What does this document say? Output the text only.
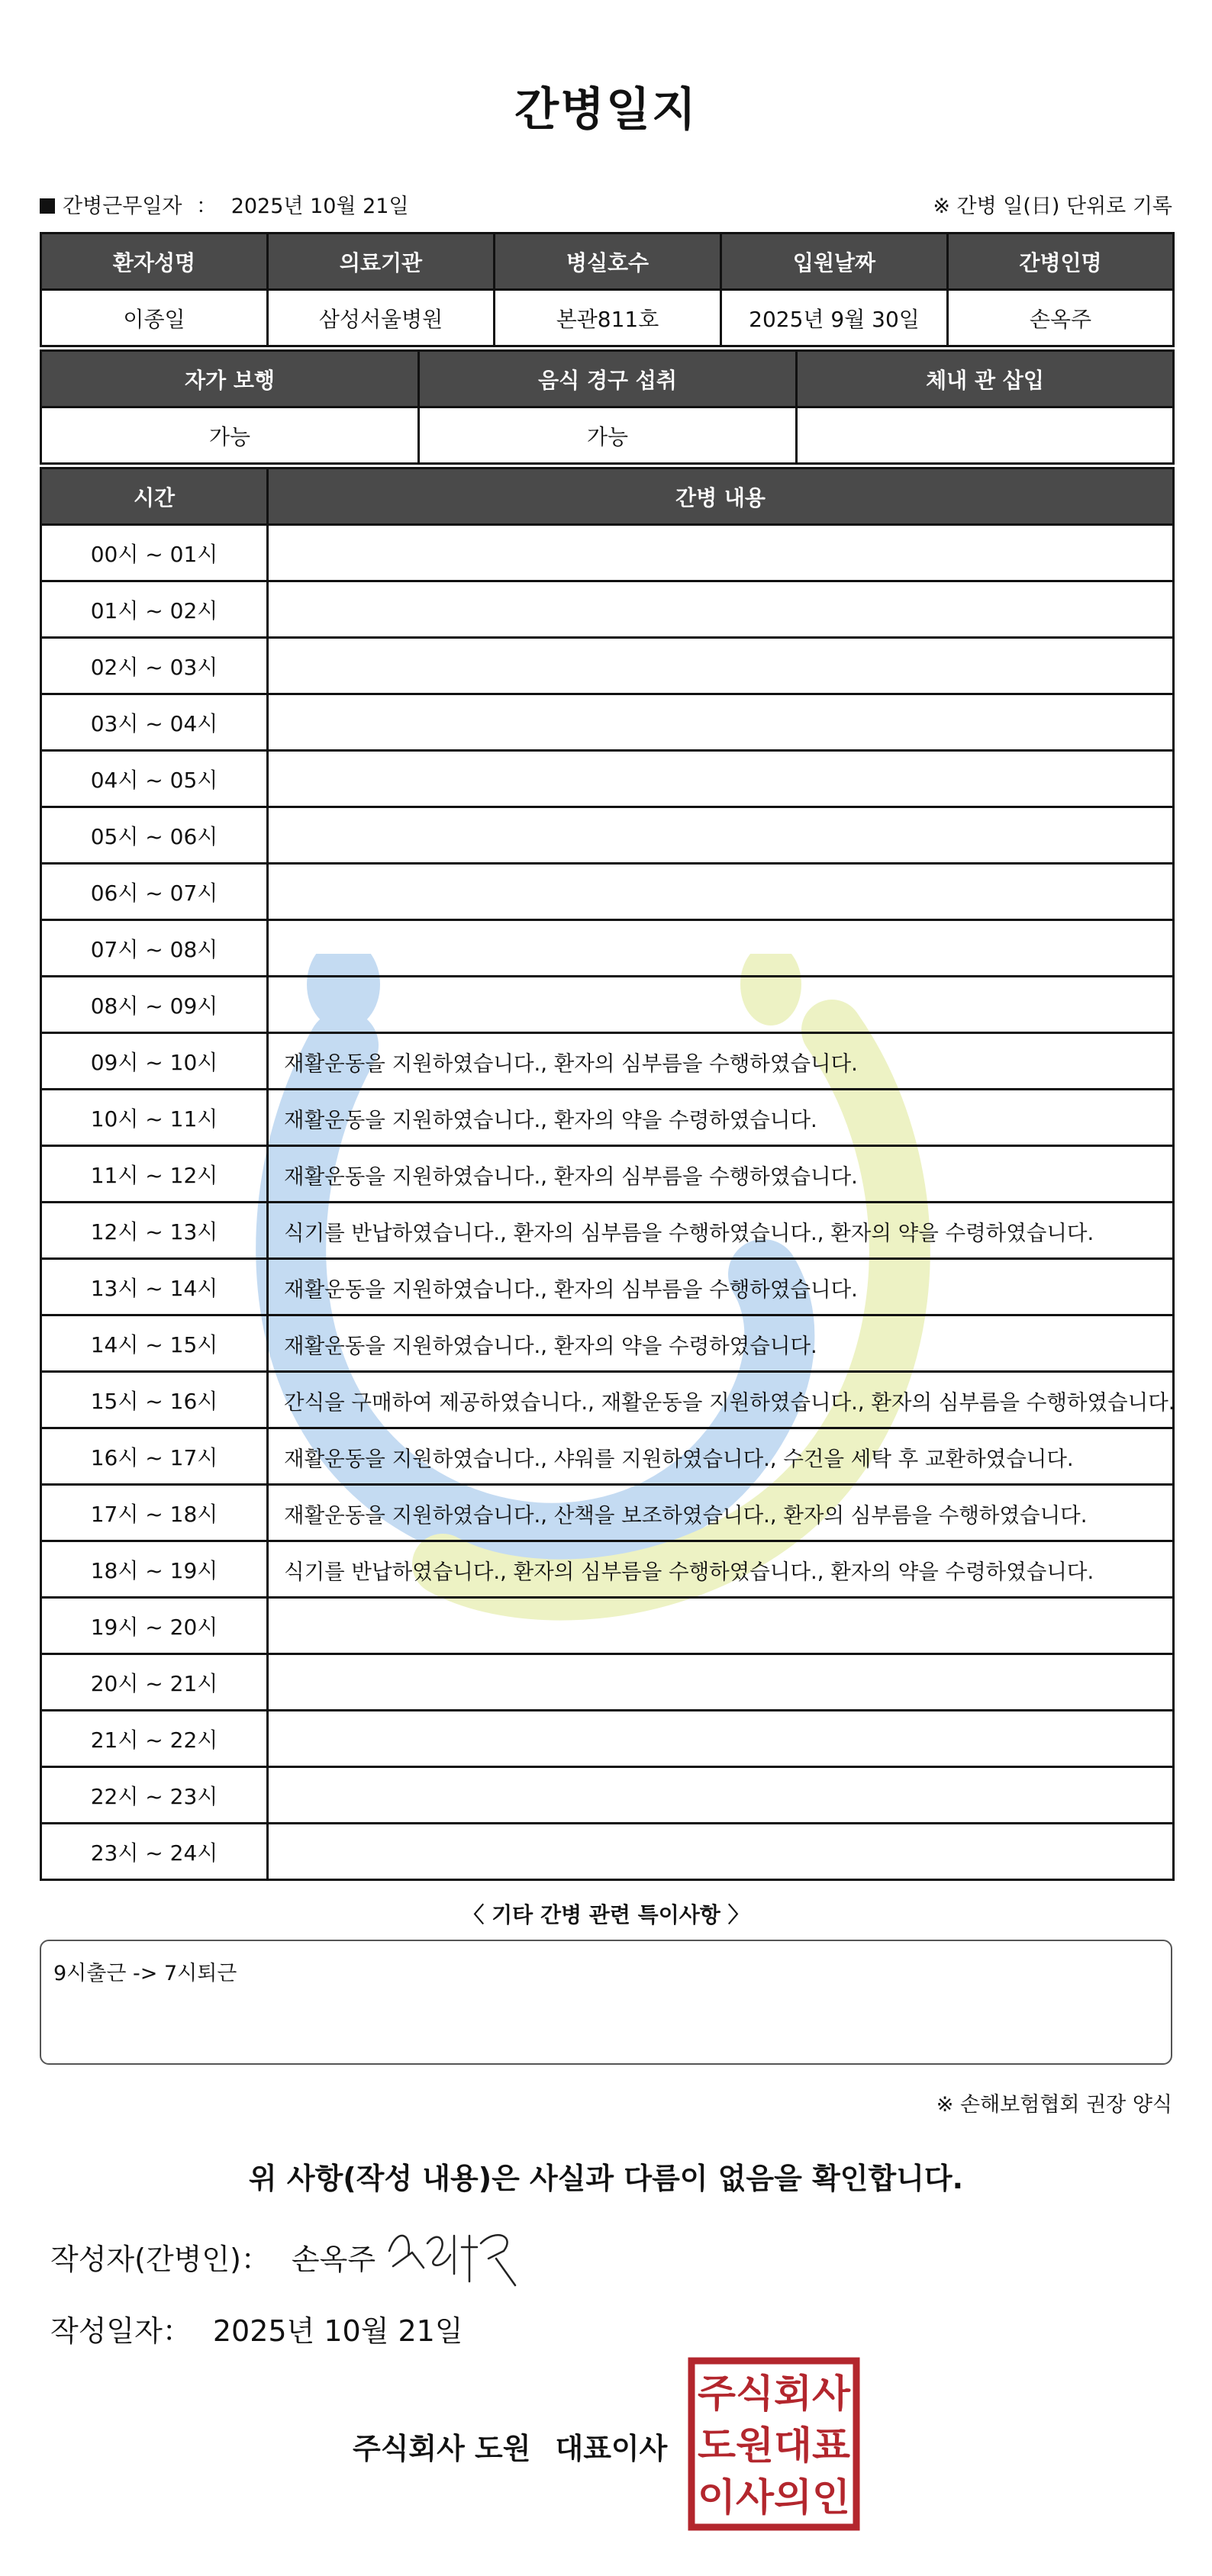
간병일지
간병근무일자 ： 2025년 10월 21일	※ 간병 일(日) 단위로 기록
환자성명	의료기관	병실호수	입원날짜	간병인명
이종일	삼성서울병원	본관811호	2025년 9월 30일	손옥주
자가 보행	음식 경구 섭취	체내 관 삽입
가능	가능	
시간	간병 내용
00시 ~ 01시	
01시 ~ 02시	
02시 ~ 03시	
03시 ~ 04시	
04시 ~ 05시	
05시 ~ 06시	
06시 ~ 07시	
07시 ~ 08시	
08시 ~ 09시	
09시 ~ 10시	재활운동을 지원하였습니다., 환자의 심부름을 수행하였습니다.
10시 ~ 11시	재활운동을 지원하였습니다., 환자의 약을 수령하였습니다.
11시 ~ 12시	재활운동을 지원하였습니다., 환자의 심부름을 수행하였습니다.
12시 ~ 13시	식기를 반납하였습니다., 환자의 심부름을 수행하였습니다., 환자의 약을 수령하였습니다.
13시 ~ 14시	재활운동을 지원하였습니다., 환자의 심부름을 수행하였습니다.
14시 ~ 15시	재활운동을 지원하였습니다., 환자의 약을 수령하였습니다.
15시 ~ 16시	간식을 구매하여 제공하였습니다., 재활운동을 지원하였습니다., 환자의 심부름을 수행하였습니다.
16시 ~ 17시	재활운동을 지원하였습니다., 샤워를 지원하였습니다., 수건을 세탁 후 교환하였습니다.
17시 ~ 18시	재활운동을 지원하였습니다., 산책을 보조하였습니다., 환자의 심부름을 수행하였습니다.
18시 ~ 19시	식기를 반납하였습니다., 환자의 심부름을 수행하였습니다., 환자의 약을 수령하였습니다.
19시 ~ 20시	
20시 ~ 21시	
21시 ~ 22시	
22시 ~ 23시	
23시 ~ 24시	
〈 기타 간병 관련 특이사항 〉
9시출근 -> 7시퇴근
※ 손해보험협회 권장 양식
위 사항(작성 내용)은 사실과 다름이 없음을 확인합니다.
작성자(간병인)： 손옥주
작성일자： 2025년 10월 21일
주식회사 도원 대표이사
주식회사
도원대표
이사의인
